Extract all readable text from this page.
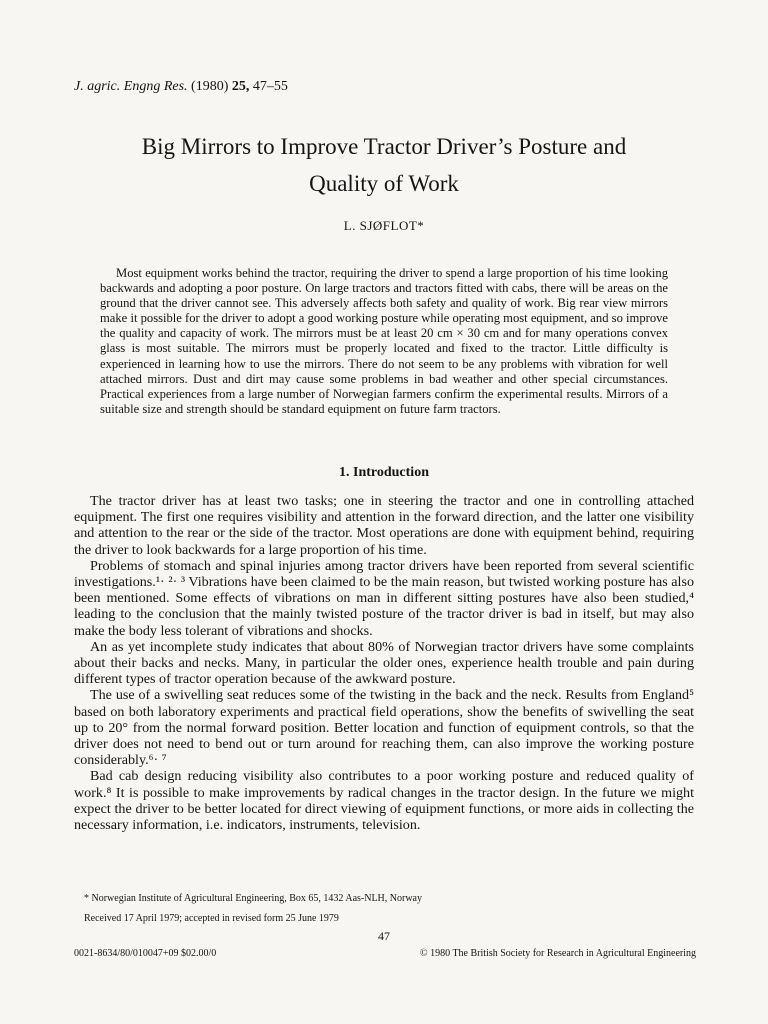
J. agric. Engng Res. (1980) 25, 47–55
Big Mirrors to Improve Tractor Driver’s Posture and
Quality of Work
L. SJØFLOT*

Most equipment works behind the tractor, requiring the driver to spend a large proportion of his time looking backwards and adopting a poor posture. On large tractors and tractors fitted with cabs, there will be areas on the ground that the driver cannot see. This adversely affects both safety and quality of work. Big rear view mirrors make it possible for the driver to adopt a good working posture while operating most equipment, and so improve the quality and capacity of work. The mirrors must be at least 20 cm × 30 cm and for many operations convex glass is most suitable. The mirrors must be properly located and fixed to the tractor. Little difficulty is experienced in learning how to use the mirrors. There do not seem to be any problems with vibration for well attached mirrors. Dust and dirt may cause some problems in bad weather and other special circumstances. Practical experiences from a large number of Norwegian farmers confirm the experimental results. Mirrors of a suitable size and strength should be standard equipment on future farm tractors.

1. Introduction

The tractor driver has at least two tasks; one in steering the tractor and one in controlling attached equipment. The first one requires visibility and attention in the forward direction, and the latter one visibility and attention to the rear or the side of the tractor. Most operations are done with equipment behind, requiring the driver to look backwards for a large proportion of his time.

Problems of stomach and spinal injuries among tractor drivers have been reported from several scientific investigations.¹· ²· ³ Vibrations have been claimed to be the main reason, but twisted working posture has also been mentioned. Some effects of vibrations on man in different sitting postures have also been studied,⁴ leading to the conclusion that the mainly twisted posture of the tractor driver is bad in itself, but may also make the body less tolerant of vibrations and shocks.

An as yet incomplete study indicates that about 80% of Norwegian tractor drivers have some complaints about their backs and necks. Many, in particular the older ones, experience health trouble and pain during different types of tractor operation because of the awkward posture.

The use of a swivelling seat reduces some of the twisting in the back and the neck. Results from England⁵ based on both laboratory experiments and practical field operations, show the benefits of swivelling the seat up to 20° from the normal forward position. Better location and function of equipment controls, so that the driver does not need to bend out or turn around for reaching them, can also improve the working posture considerably.⁶· ⁷

Bad cab design reducing visibility also contributes to a poor working posture and reduced quality of work.⁸ It is possible to make improvements by radical changes in the tractor design. In the future we might expect the driver to be better located for direct viewing of equipment functions, or more aids in collecting the necessary information, i.e. indicators, instruments, television.

* Norwegian Institute of Agricultural Engineering, Box 65, 1432 Aas-NLH, Norway
Received 17 April 1979; accepted in revised form 25 June 1979
47
0021-8634/80/010047+09 $02.00/0	© 1980 The British Society for Research in Agricultural Engineering
